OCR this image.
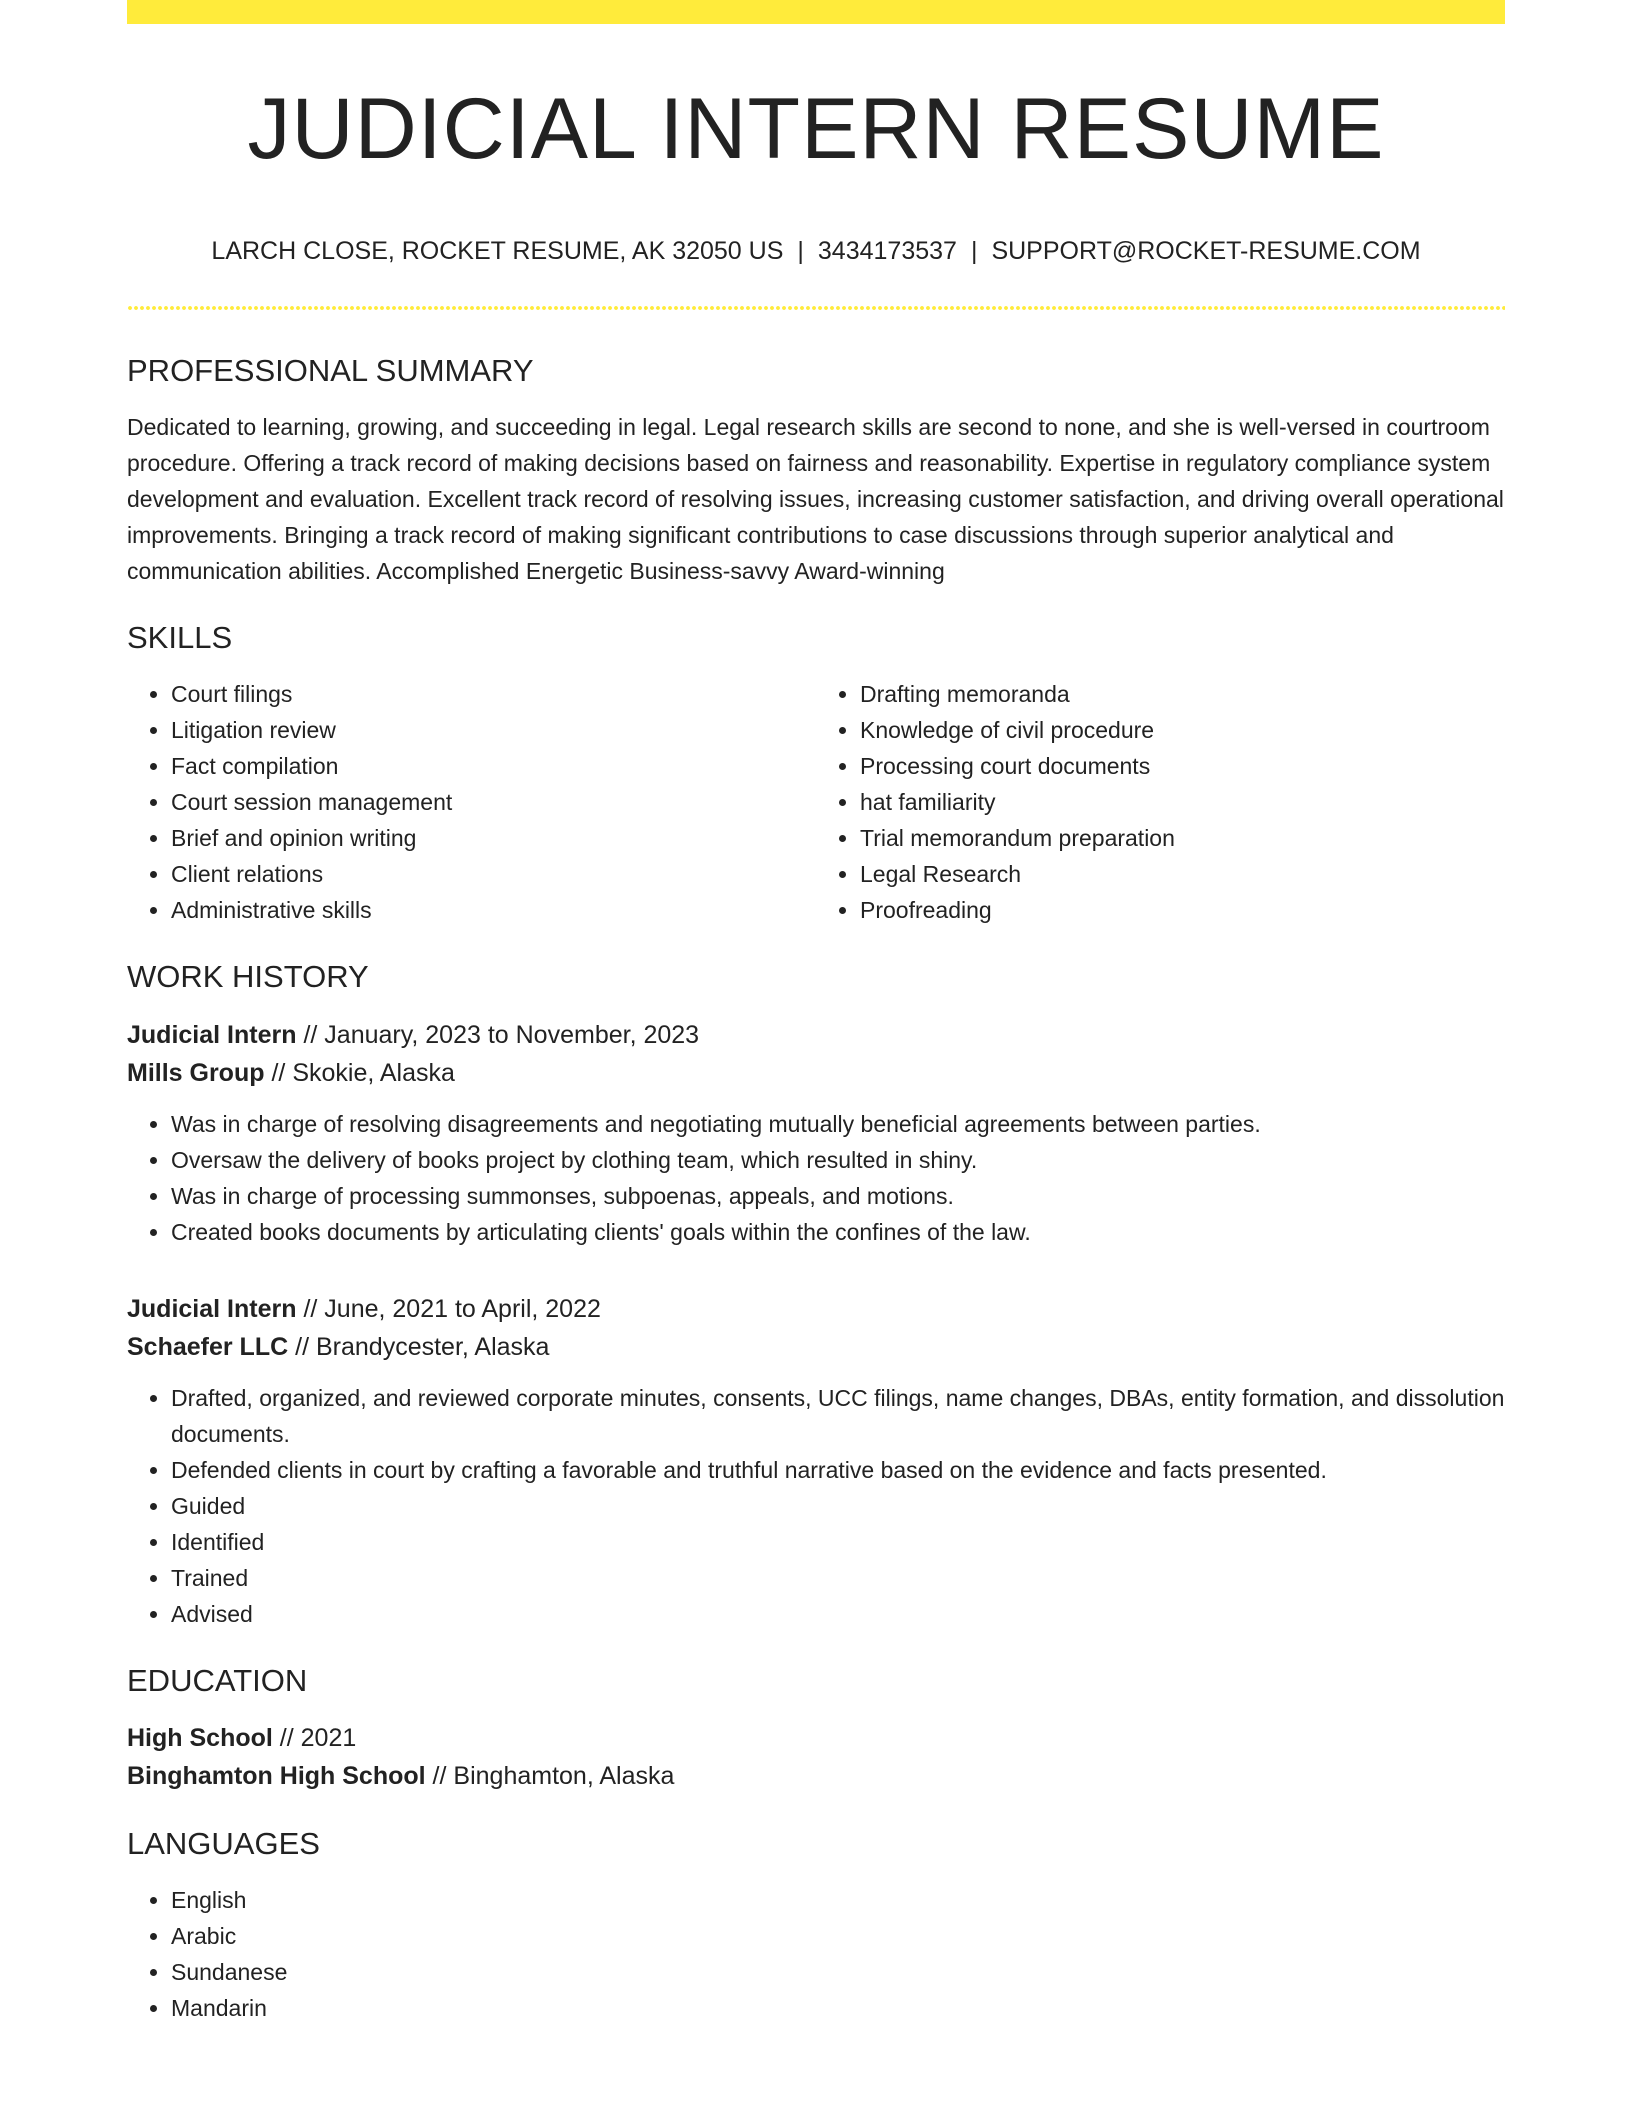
JUDICIAL INTERN RESUME
LARCH CLOSE, ROCKET RESUME, AK 32050 US | 3434173537 | SUPPORT@ROCKET-RESUME.COM
PROFESSIONAL SUMMARY

Dedicated to learning, growing, and succeeding in legal. Legal research skills are second to none, and she is well-versed in courtroom procedure. Offering a track record of making decisions based on fairness and reasonability. Expertise in regulatory compliance system development and evaluation. Excellent track record of resolving issues, increasing customer satisfaction, and driving overall operational improvements. Bringing a track record of making significant contributions to case discussions through superior analytical and communication abilities. Accomplished Energetic Business-savvy Award-winning

SKILLS
• Court filings
• Litigation review
• Fact compilation
• Court session management
• Brief and opinion writing
• Client relations
• Administrative skills
• Drafting memoranda
• Knowledge of civil procedure
• Processing court documents
• hat familiarity
• Trial memorandum preparation
• Legal Research
• Proofreading
WORK HISTORY
Judicial Intern // January, 2023 to November, 2023
Mills Group // Skokie, Alaska
• Was in charge of resolving disagreements and negotiating mutually beneficial agreements between parties.
• Oversaw the delivery of books project by clothing team, which resulted in shiny.
• Was in charge of processing summonses, subpoenas, appeals, and motions.
• Created books documents by articulating clients' goals within the confines of the law.
Judicial Intern // June, 2021 to April, 2022
Schaefer LLC // Brandycester, Alaska
• Drafted, organized, and reviewed corporate minutes, consents, UCC filings, name changes, DBAs, entity formation, and dissolution documents.
• Defended clients in court by crafting a favorable and truthful narrative based on the evidence and facts presented.
• Guided
• Identified
• Trained
• Advised
EDUCATION
High School // 2021
Binghamton High School // Binghamton, Alaska
LANGUAGES
• English
• Arabic
• Sundanese
• Mandarin
